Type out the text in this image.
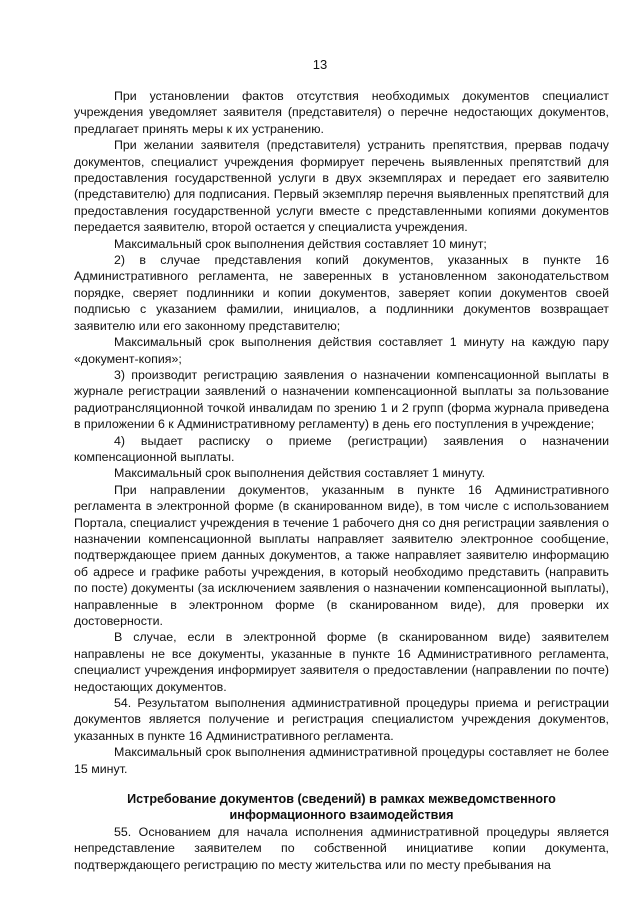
13

При установлении фактов отсутствия необходимых документов специалист учреждения уведомляет заявителя (представителя) о перечне недостающих документов, предлагает принять меры к их устранению.

При желании заявителя (представителя) устранить препятствия, прервав подачу документов, специалист учреждения формирует перечень выявленных препятствий для предоставления государственной услуги в двух экземплярах и передает его заявителю (представителю) для подписания. Первый экземпляр перечня выявленных препятствий для предоставления государственной услуги вместе с представленными копиями документов передается заявителю, второй остается у специалиста учреждения.

Максимальный срок выполнения действия составляет 10 минут;

2) в случае представления копий документов, указанных в пункте 16 Административного регламента, не заверенных в установленном законодательством порядке, сверяет подлинники и копии документов, заверяет копии документов своей подписью с указанием фамилии, инициалов, а подлинники документов возвращает заявителю или его законному представителю;

Максимальный срок выполнения действия составляет 1 минуту на каждую пару «документ-копия»;

3) производит регистрацию заявления о назначении компенсационной выплаты в журнале регистрации заявлений о назначении компенсационной выплаты за пользование радиотрансляционной точкой инвалидам по зрению 1 и 2 групп (форма журнала приведена в приложении 6 к Административному регламенту) в день его поступления в учреждение;

4) выдает расписку о приеме (регистрации) заявления о назначении компенсационной выплаты.

Максимальный срок выполнения действия составляет 1 минуту.

При направлении документов, указанным в пункте 16 Административного регламента в электронной форме (в сканированном виде), в том числе с использованием Портала, специалист учреждения в течение 1 рабочего дня со дня регистрации заявления о назначении компенсационной выплаты направляет заявителю электронное сообщение, подтверждающее прием данных документов, а также направляет заявителю информацию об адресе и графике работы учреждения, в который необходимо представить (направить по посте) документы (за исключением заявления о назначении компенсационной выплаты), направленные в электронном форме (в сканированном виде), для проверки их достоверности.

В случае, если в электронной форме (в сканированном виде) заявителем направлены не все документы, указанные в пункте 16 Административного регламента, специалист учреждения информирует заявителя о предоставлении (направлении по почте) недостающих документов.

54. Результатом выполнения административной процедуры приема и регистрации документов является получение и регистрация специалистом учреждения документов, указанных в пункте 16 Административного регламента.

Максимальный срок выполнения административной процедуры составляет не более 15 минут.

Истребование документов (сведений) в рамках межведомственного информационного взаимодействия

55. Основанием для начала исполнения административной процедуры является непредставление заявителем по собственной инициативе копии документа, подтверждающего регистрацию по месту жительства или по месту пребывания на
